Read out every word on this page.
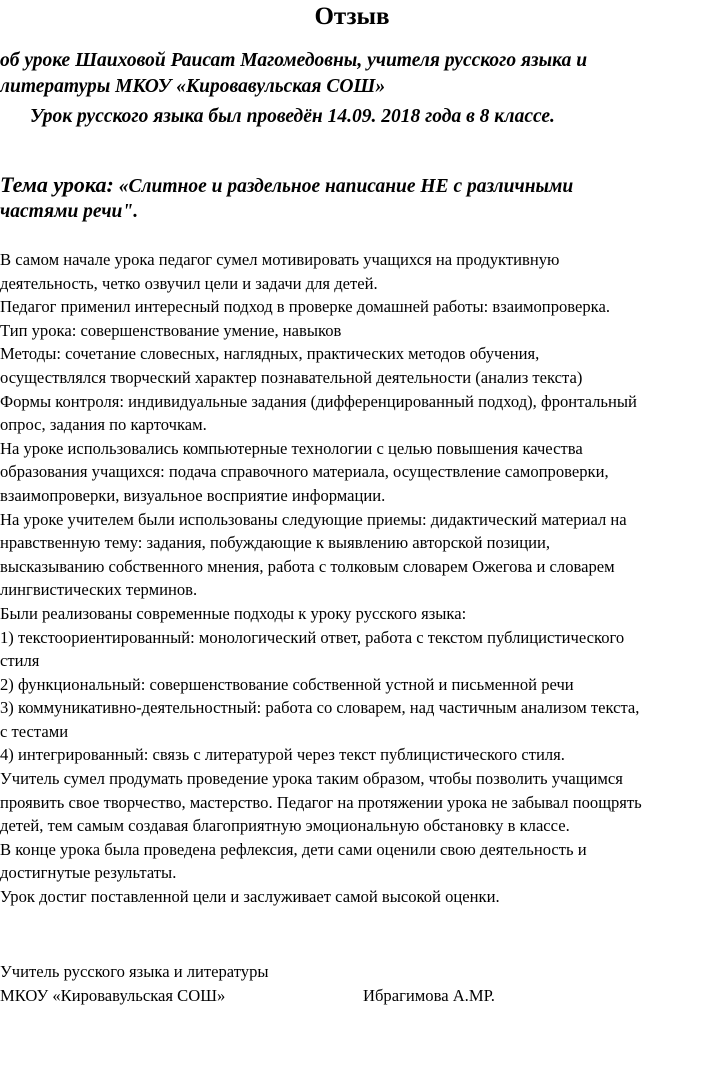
Отзыв
об уроке Шаиховой Раисат Магомедовны, учителя русского языка и
литературы МКОУ «Кировавульская СОШ»
Урок русского языка был проведён 14.09. 2018 года в 8 классе.
Тема урока: «Слитное и раздельное написание НЕ с различными
частями речи".

В самом начале урока педагог сумел мотивировать учащихся на продуктивную

деятельность, четко озвучил цели и задачи для детей.

Педагог применил интересный подход в проверке домашней работы: взаимопроверка.

Тип урока: совершенствование умение, навыков

Методы: сочетание словесных, наглядных, практических методов обучения,

осуществлялся творческий характер познавательной деятельности (анализ текста)

Формы контроля: индивидуальные задания (дифференцированный подход), фронтальный

опрос, задания по карточкам.

На уроке использовались компьютерные технологии с целью повышения качества

образования учащихся: подача справочного материала, осуществление самопроверки,

взаимопроверки, визуальное восприятие информации.

На уроке учителем были использованы следующие приемы: дидактический материал на

нравственную тему: задания, побуждающие к выявлению авторской позиции,

высказыванию собственного мнения, работа с толковым словарем Ожегова и словарем

лингвистических терминов.

Были реализованы современные подходы к уроку русского языка:

1) текстоориентированный: монологический ответ, работа с текстом публицистического

стиля

2) функциональный: совершенствование собственной устной и письменной речи

3) коммуникативно-деятельностный: работа со словарем, над частичным анализом текста,

с тестами

4) интегрированный: связь с литературой через текст публицистического стиля.

Учитель сумел продумать проведение урока таким образом, чтобы позволить учащимся

проявить свое творчество, мастерство. Педагог на протяжении урока не забывал поощрять

детей, тем самым создавая благоприятную эмоциональную обстановку в классе.

В конце урока была проведена рефлексия, дети сами оценили свою деятельность и

достигнутые результаты.

Урок достиг поставленной цели и заслуживает самой высокой оценки.

Учитель русского языка и литературы
МКОУ «Кировавульская СОШ»	Ибрагимова А.МР.
